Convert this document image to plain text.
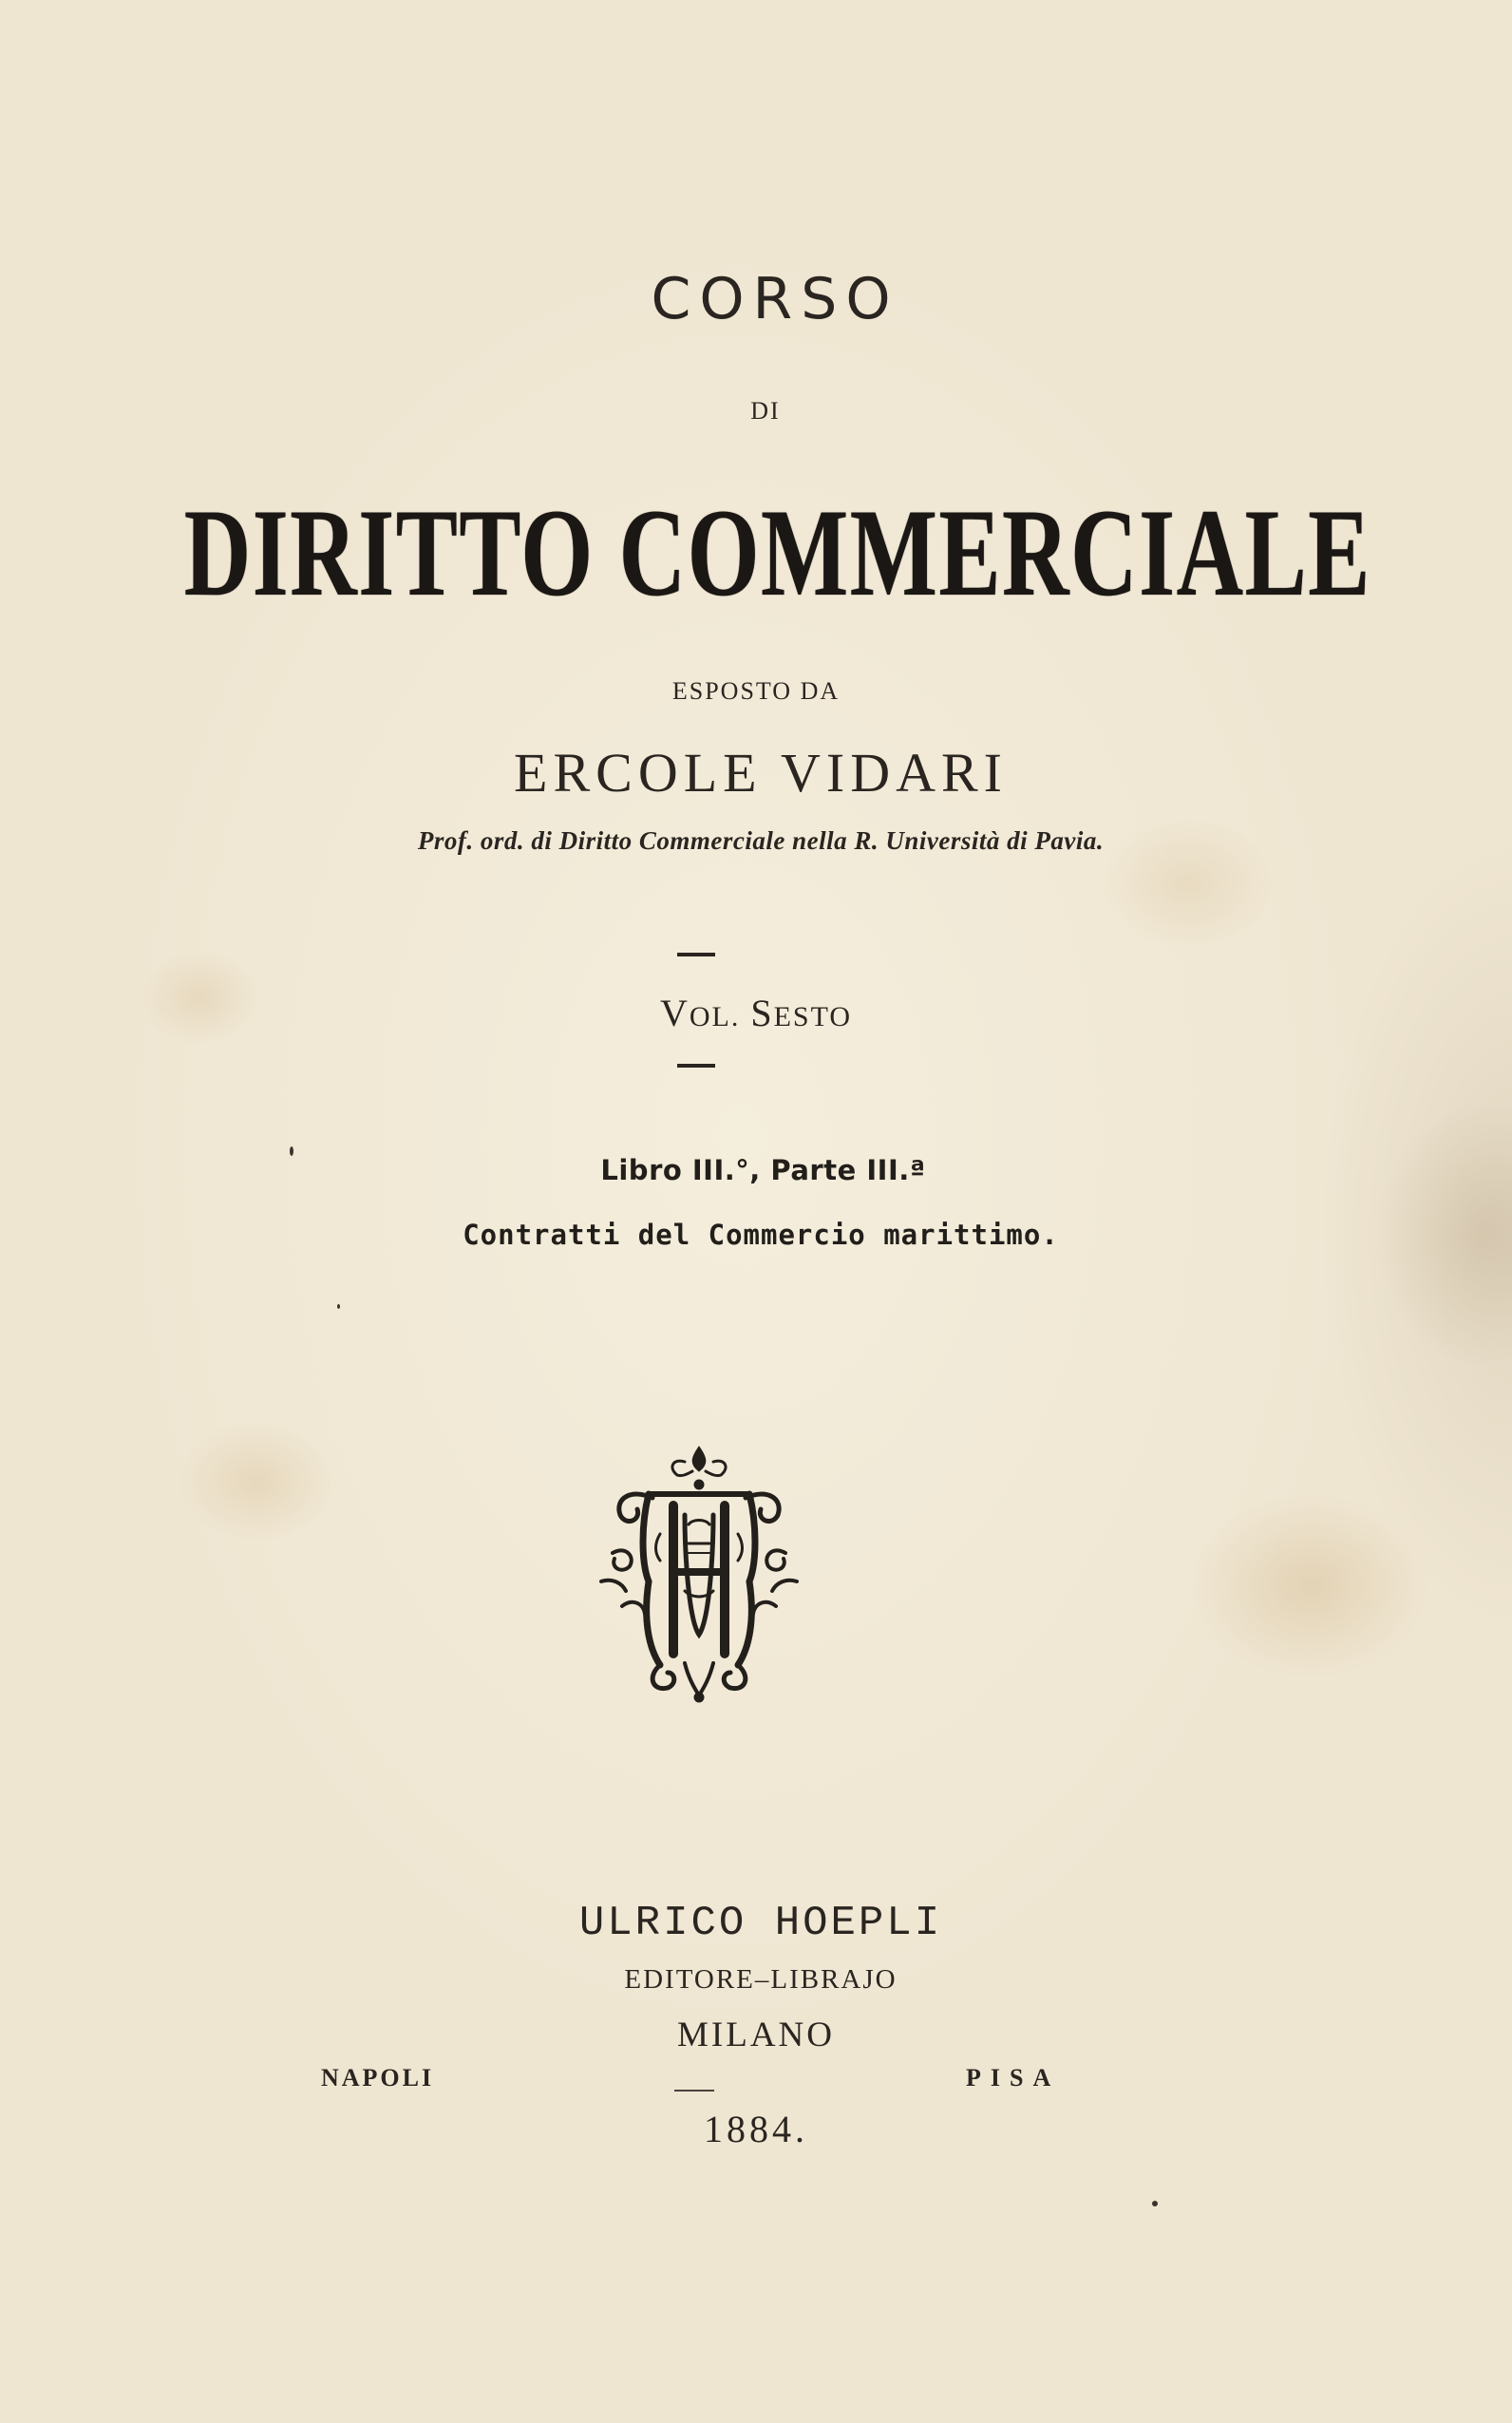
CORSO

DI

DIRITTO COMMERCIALE

ESPOSTO DA

ERCOLE VIDARI

Prof. ord. di Diritto Commerciale nella R. Università di Pavia.

VOL. SESTO

Libro III.°, Parte III.ª

Contratti del Commercio marittimo.

ULRICO HOEPLI

EDITORE–LIBRAJO

MILANO

NAPOLI	PISA

1884.
